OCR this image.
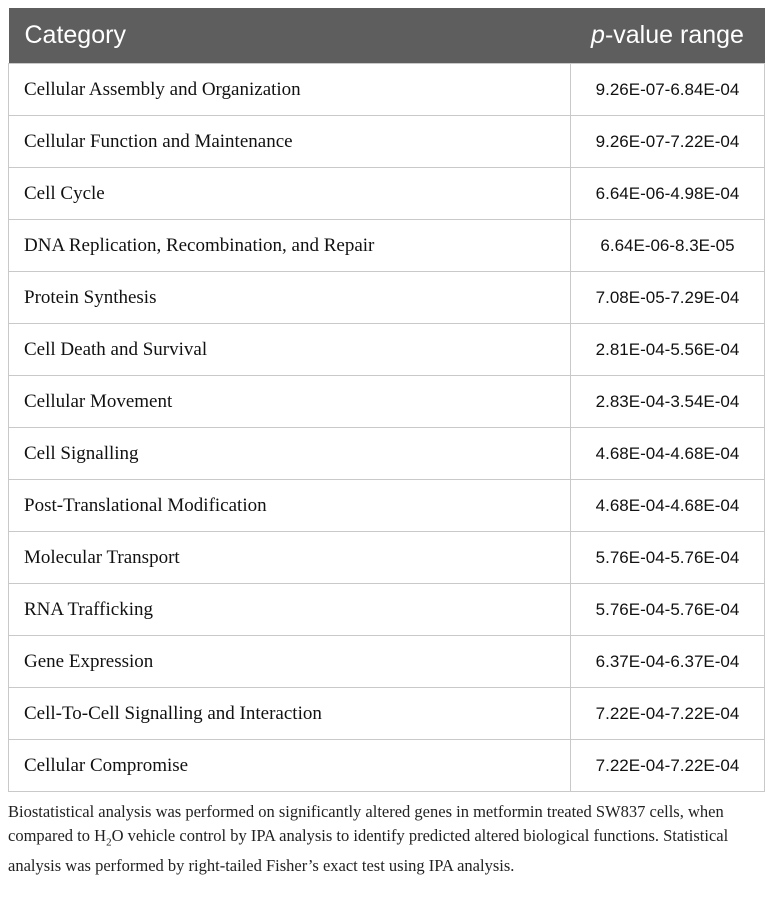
Category	p-value range
Cellular Assembly and Organization	9.26E-07-6.84E-04
Cellular Function and Maintenance	9.26E-07-7.22E-04
Cell Cycle	6.64E-06-4.98E-04
DNA Replication, Recombination, and Repair	6.64E-06-8.3E-05
Protein Synthesis	7.08E-05-7.29E-04
Cell Death and Survival	2.81E-04-5.56E-04
Cellular Movement	2.83E-04-3.54E-04
Cell Signalling	4.68E-04-4.68E-04
Post-Translational Modification	4.68E-04-4.68E-04
Molecular Transport	5.76E-04-5.76E-04
RNA Trafficking	5.76E-04-5.76E-04
Gene Expression	6.37E-04-6.37E-04
Cell-To-Cell Signalling and Interaction	7.22E-04-7.22E-04
Cellular Compromise	7.22E-04-7.22E-04
Biostatistical analysis was performed on significantly altered genes in metformin treated SW837 cells, when compared to $H_2O$ vehicle control by IPA analysis to identify predicted altered biological functions. Statistical analysis was performed by right-tailed Fisher’s exact test using IPA analysis.
